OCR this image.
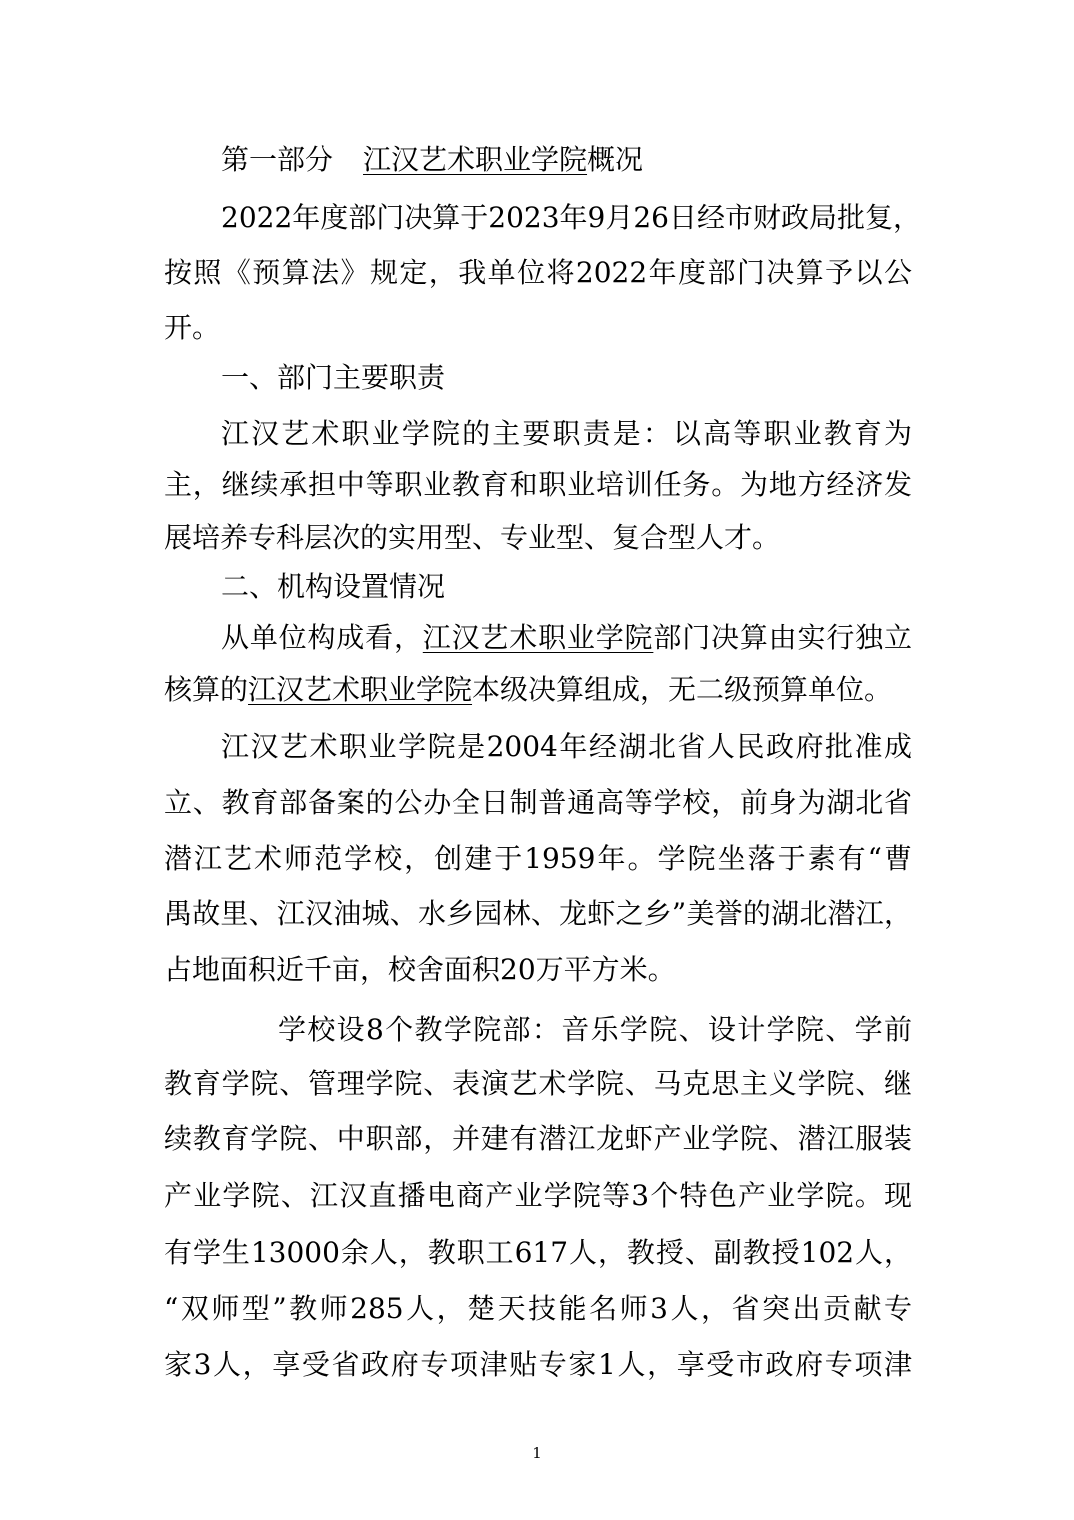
第一部分 江汉艺术职业学院概况
2022年度部门决算于2023年9月26日经市财政局批复，
按照《预算法》规定，我单位将2022年度部门决算予以公
开。
一、部门主要职责
江汉艺术职业学院的主要职责是：以高等职业教育为
主，继续承担中等职业教育和职业培训任务。为地方经济发
展培养专科层次的实用型、专业型、复合型人才。
二、机构设置情况
从单位构成看，江汉艺术职业学院部门决算由实行独立
核算的江汉艺术职业学院本级决算组成，无二级预算单位。
江汉艺术职业学院是2004年经湖北省人民政府批准成
立、教育部备案的公办全日制普通高等学校，前身为湖北省
潜江艺术师范学校，创建于1959年。学院坐落于素有“曹
禺故里、江汉油城、水乡园林、龙虾之乡”美誉的湖北潜江，
占地面积近千亩，校舍面积20万平方米。
学校设8个教学院部：音乐学院、设计学院、学前
教育学院、管理学院、表演艺术学院、马克思主义学院、继
续教育学院、中职部，并建有潜江龙虾产业学院、潜江服装
产业学院、江汉直播电商产业学院等3个特色产业学院。现
有学生13000余人，教职工617人，教授、副教授102人，
“双师型”教师285人，楚天技能名师3人，省突出贡献专
家3人，享受省政府专项津贴专家1人，享受市政府专项津
1
